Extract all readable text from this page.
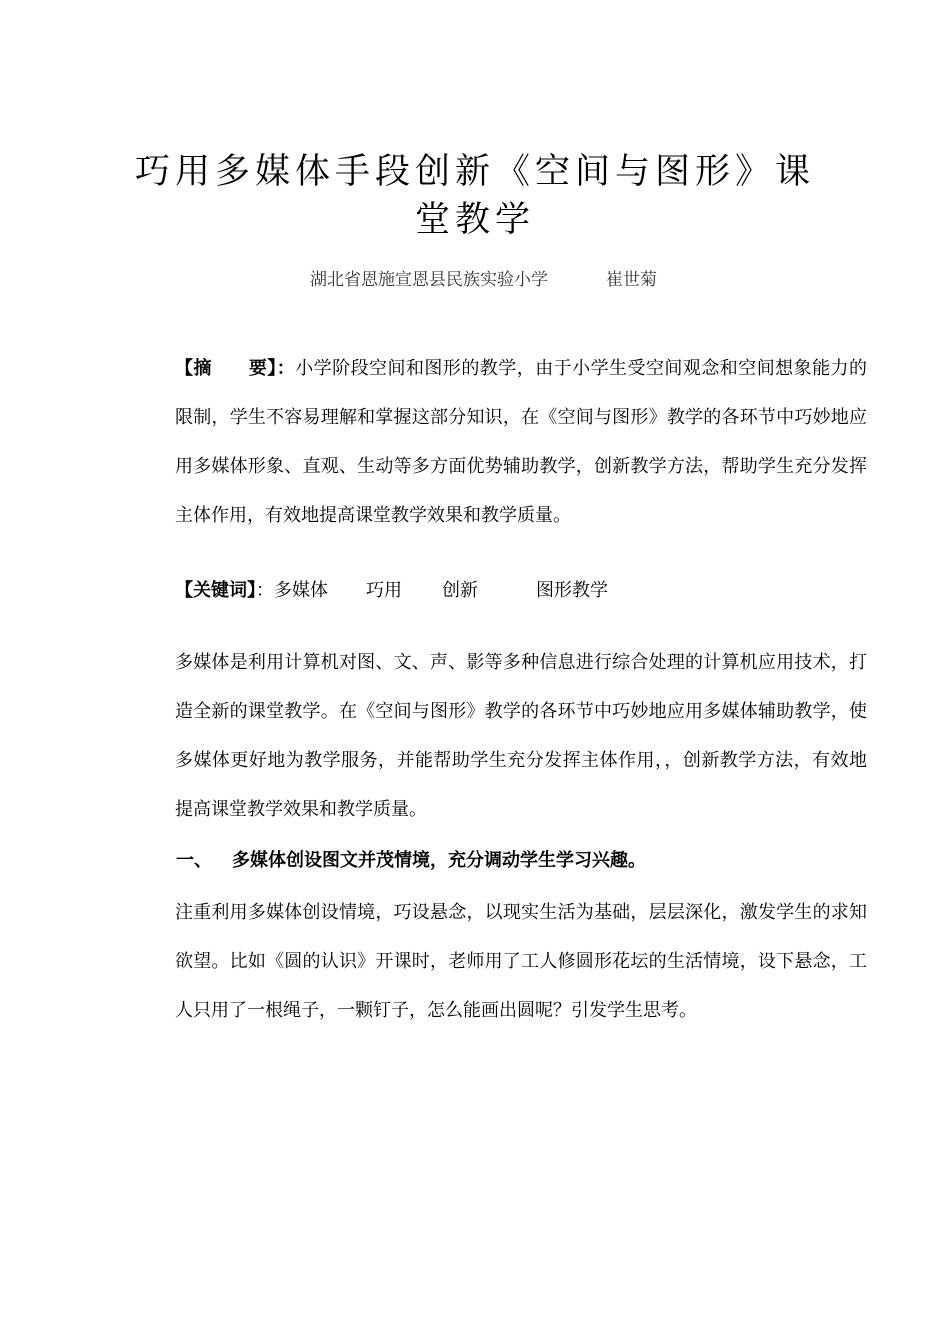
巧用多媒体手段创新《空间与图形》课堂教学
湖北省恩施宣恩县民族实验小学	崔世菊

【摘　　要】：小学阶段空间和图形的教学，由于小学生受空间观念和空间想象能力的限制，学生不容易理解和掌握这部分知识，在《空间与图形》教学的各环节中巧妙地应用多媒体形象、直观、生动等多方面优势辅助教学，创新教学方法，帮助学生充分发挥主体作用，有效地提高课堂教学效果和教学质量。

【关键词】：多媒体 巧用 创新	图形教学

多媒体是利用计算机对图、文、声、影等多种信息进行综合处理的计算机应用技术，打造全新的课堂教学。在《空间与图形》教学的各环节中巧妙地应用多媒体辅助教学，使多媒体更好地为教学服务，并能帮助学生充分发挥主体作用，，创新教学方法，有效地提高课堂教学效果和教学质量。

一、 多媒体创设图文并茂情境，充分调动学生学习兴趣。

注重利用多媒体创设情境，巧设悬念，以现实生活为基础，层层深化，激发学生的求知欲望。比如《圆的认识》开课时，老师用了工人修圆形花坛的生活情境，设下悬念，工人只用了一根绳子，一颗钉子，怎么能画出圆呢？引发学生思考。
